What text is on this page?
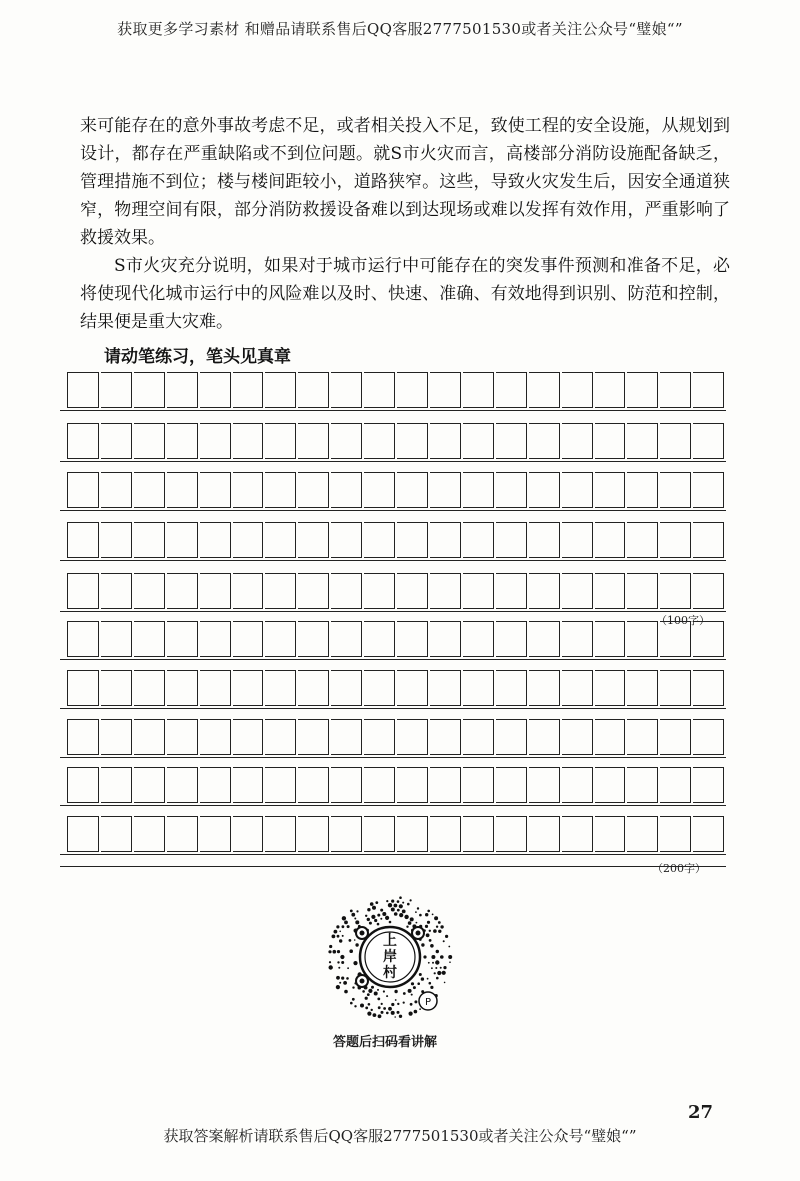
获取更多学习素材 和赠品请联系售后QQ客服2777501530或者关注公众号“璧娘“”

来可能存在的意外事故考虑不足，或者相关投入不足，致使工程的安全设施，从规划到设计，都存在严重缺陷或不到位问题。就S市火灾而言，高楼部分消防设施配备缺乏，管理措施不到位；楼与楼间距较小，道路狭窄。这些，导致火灾发生后，因安全通道狭窄，物理空间有限，部分消防救援设备难以到达现场或难以发挥有效作用，严重影响了救援效果。

S市火灾充分说明，如果对于城市运行中可能存在的突发事件预测和准备不足，必将使现代化城市运行中的风险难以及时、快速、准确、有效地得到识别、防范和控制，结果便是重大灾难。

请动笔练习，笔头见真章
（100字）
（200字）
上
岸
村
P
答题后扫码看讲解
27
获取答案解析请联系售后QQ客服2777501530或者关注公众号“璧娘“”
